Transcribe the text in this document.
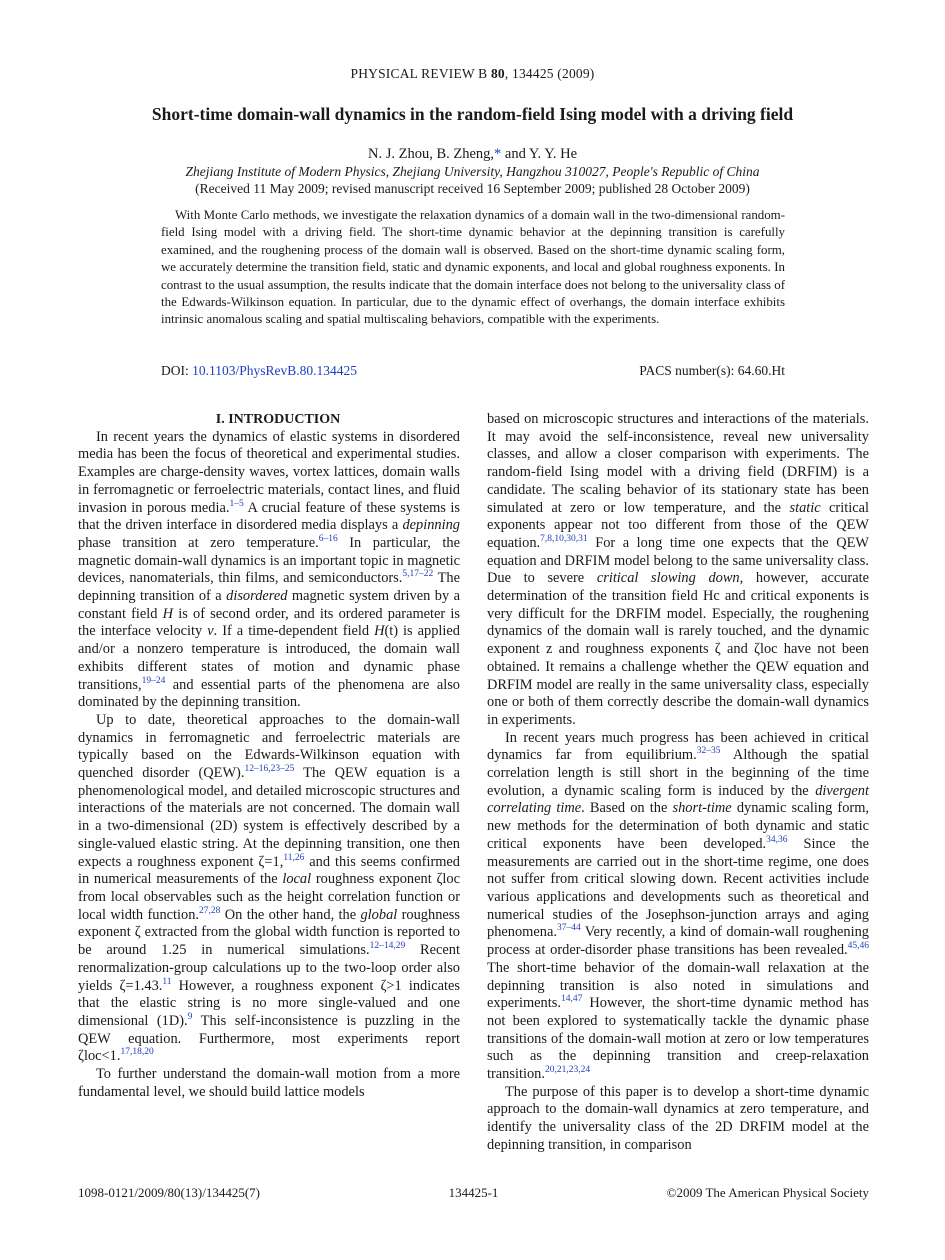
PHYSICAL REVIEW B 80, 134425 (2009)
Short-time domain-wall dynamics in the random-field Ising model with a driving field
N. J. Zhou, B. Zheng,* and Y. Y. He
Zhejiang Institute of Modern Physics, Zhejiang University, Hangzhou 310027, People's Republic of China
(Received 11 May 2009; revised manuscript received 16 September 2009; published 28 October 2009)
With Monte Carlo methods, we investigate the relaxation dynamics of a domain wall in the two-dimensional random-field Ising model with a driving field. The short-time dynamic behavior at the depinning transition is carefully examined, and the roughening process of the domain wall is observed. Based on the short-time dynamic scaling form, we accurately determine the transition field, static and dynamic exponents, and local and global roughness exponents. In contrast to the usual assumption, the results indicate that the domain interface does not belong to the universality class of the Edwards-Wilkinson equation. In particular, due to the dynamic effect of overhangs, the domain interface exhibits intrinsic anomalous scaling and spatial multiscaling behaviors, compatible with the experiments.
DOI: 10.1103/PhysRevB.80.134425	PACS number(s): 64.60.Ht

I. INTRODUCTION

In recent years the dynamics of elastic systems in disordered media has been the focus of theoretical and experimental studies. Examples are charge-density waves, vortex lattices, domain walls in ferromagnetic or ferroelectric materials, contact lines, and fluid invasion in porous media.$^{1-5}$ A crucial feature of these systems is that the driven interface in disordered media displays a depinning phase transition at zero temperature.$^{6-16}$ In particular, the magnetic domain-wall dynamics is an important topic in magnetic devices, nanomaterials, thin films, and semiconductors.$^{5,17-22}$ The depinning transition of a disordered magnetic system driven by a constant field H is of second order, and its ordered parameter is the interface velocity v. If a time-dependent field H(t) is applied and/or a nonzero temperature is introduced, the domain wall exhibits different states of motion and dynamic phase transitions,$^{19-24}$ and essential parts of the phenomena are also dominated by the depinning transition.

Up to date, theoretical approaches to the domain-wall dynamics in ferromagnetic and ferroelectric materials are typically based on the Edwards-Wilkinson equation with quenched disorder (QEW).$^{12-16,23-25}$ The QEW equation is a phenomenological model, and detailed microscopic structures and interactions of the materials are not concerned. The domain wall in a two-dimensional (2D) system is effectively described by a single-valued elastic string. At the depinning transition, one then expects a roughness exponent ζ=1,$^{11,26}$ and this seems confirmed in numerical measurements of the local roughness exponent ζloc from local observables such as the height correlation function or local width function.$^{27,28}$ On the other hand, the global roughness exponent ζ extracted from the global width function is reported to be around 1.25 in numerical simulations.$^{12-14,29}$ Recent renormalization-group calculations up to the two-loop order also yields ζ=1.43.11 However, a roughness exponent ζ>1 indicates that the elastic string is no more single-valued and one dimensional (1D).$^9$ This self-inconsistence is puzzling in the QEW equation. Furthermore, most experiments report ζloc<1.$^{17,18,20}$

To further understand the domain-wall motion from a more fundamental level, we should build lattice models

based on microscopic structures and interactions of the materials. It may avoid the self-inconsistence, reveal new universality classes, and allow a closer comparison with experiments. The random-field Ising model with a driving field (DRFIM) is a candidate. The scaling behavior of its stationary state has been simulated at zero or low temperature, and the static critical exponents appear not too different from those of the QEW equation.$^{7,8,10,30,31}$ For a long time one expects that the QEW equation and DRFIM model belong to the same universality class. Due to severe critical slowing down, however, accurate determination of the transition field Hc and critical exponents is very difficult for the DRFIM model. Especially, the roughening dynamics of the domain wall is rarely touched, and the dynamic exponent z and roughness exponents ζ and ζloc have not been obtained. It remains a challenge whether the QEW equation and DRFIM model are really in the same universality class, especially one or both of them correctly describe the domain-wall dynamics in experiments.

In recent years much progress has been achieved in critical dynamics far from equilibrium.$^{32-35}$ Although the spatial correlation length is still short in the beginning of the time evolution, a dynamic scaling form is induced by the divergent correlating time. Based on the short-time dynamic scaling form, new methods for the determination of both dynamic and static critical exponents have been developed.$^{34,36}$ Since the measurements are carried out in the short-time regime, one does not suffer from critical slowing down. Recent activities include various applications and developments such as theoretical and numerical studies of the Josephson-junction arrays and aging phenomena.$^{37-44}$ Very recently, a kind of domain-wall roughening process at order-disorder phase transitions has been revealed.$^{45,46}$ The short-time behavior of the domain-wall relaxation at the depinning transition is also noted in simulations and experiments.$^{14,47}$ However, the short-time dynamic method has not been explored to systematically tackle the dynamic phase transitions of the domain-wall motion at zero or low temperatures such as the depinning transition and creep-relaxation transition.$^{20,21,23,24}$

The purpose of this paper is to develop a short-time dynamic approach to the domain-wall dynamics at zero temperature, and identify the universality class of the 2D DRFIM model at the depinning transition, in comparison

1098-0121/2009/80(13)/134425(7)	134425-1	©2009 The American Physical Society
